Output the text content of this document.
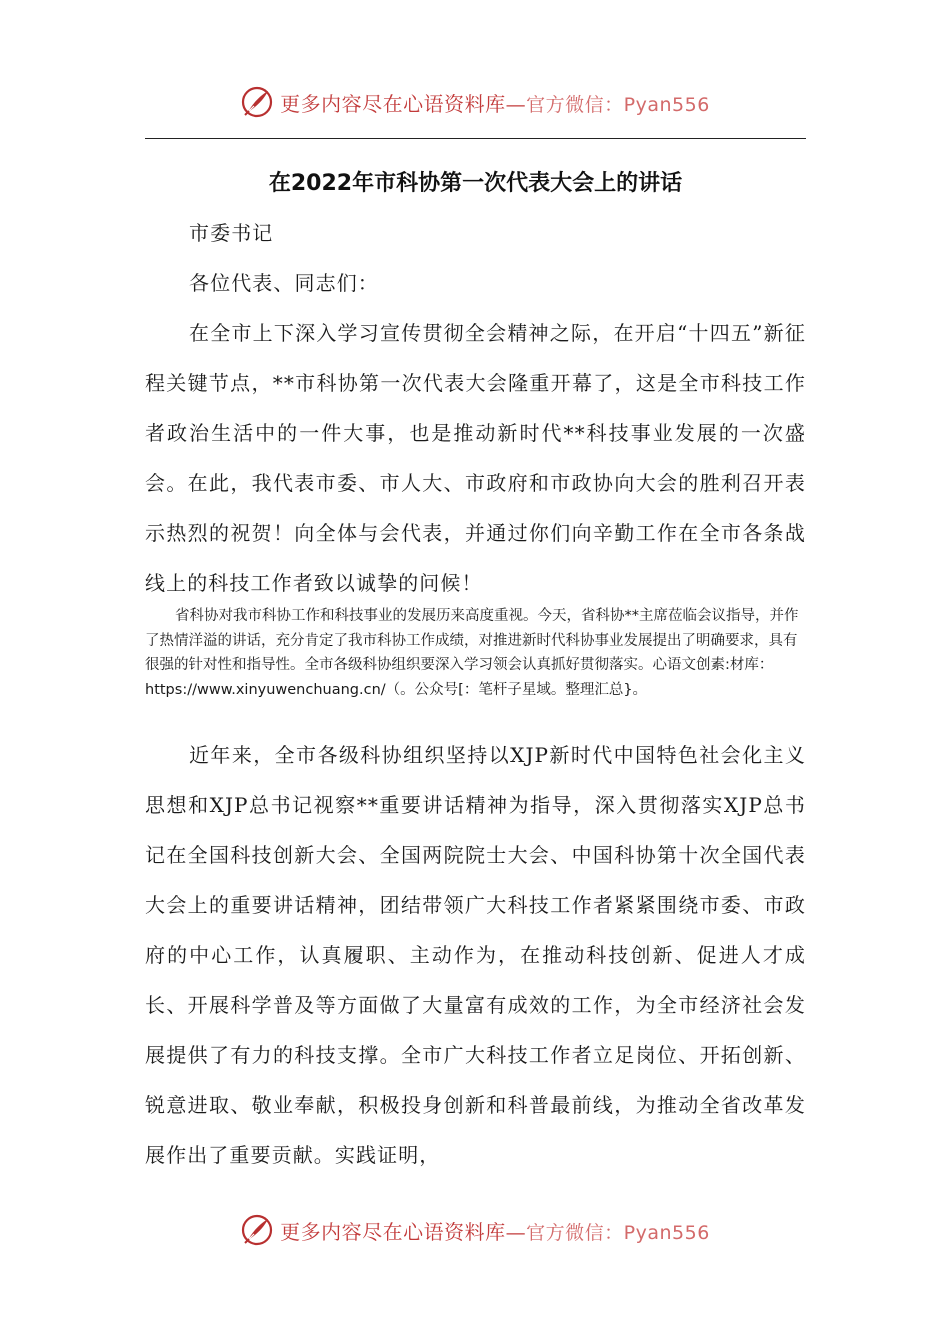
更多内容尽在心语资料库—官方微信：Pyan556
在2022年市科协第一次代表大会上的讲话

市委书记

各位代表、同志们：

在全市上下深入学习宣传贯彻全会精神之际，在开启“十四五”新征程关键节点，**市科协第一次代表大会隆重开幕了，这是全市科技工作者政治生活中的一件大事，也是推动新时代**科技事业发展的一次盛会。在此，我代表市委、市人大、市政府和市政协向大会的胜利召开表示热烈的祝贺！向全体与会代表，并通过你们向辛勤工作在全市各条战线上的科技工作者致以诚挚的问候！

省科协对我市科协工作和科技事业的发展历来高度重视。今天，省科协**主席莅临会议指导，并作了热情洋溢的讲话，充分肯定了我市科协工作成绩，对推进新时代科协事业发展提出了明确要求，具有很强的针对性和指导性。全市各级科协组织要深入学习领会认真抓好贯彻落实。心语文创素:材库：https://www.xinyuwenchuang.cn/（。公众号[：笔杆子星域。整理汇总}。

近年来，全市各级科协组织坚持以XJP新时代中国特色社会化主义思想和XJP总书记视察**重要讲话精神为指导，深入贯彻落实XJP总书记在全国科技创新大会、全国两院院士大会、中国科协第十次全国代表大会上的重要讲话精神，团结带领广大科技工作者紧紧围绕市委、市政府的中心工作，认真履职、主动作为，在推动科技创新、促进人才成长、开展科学普及等方面做了大量富有成效的工作，为全市经济社会发展提供了有力的科技支撑。全市广大科技工作者立足岗位、开拓创新、锐意进取、敬业奉献，积极投身创新和科普最前线，为推动全省改革发展作出了重要贡献。实践证明，

更多内容尽在心语资料库—官方微信：Pyan556
